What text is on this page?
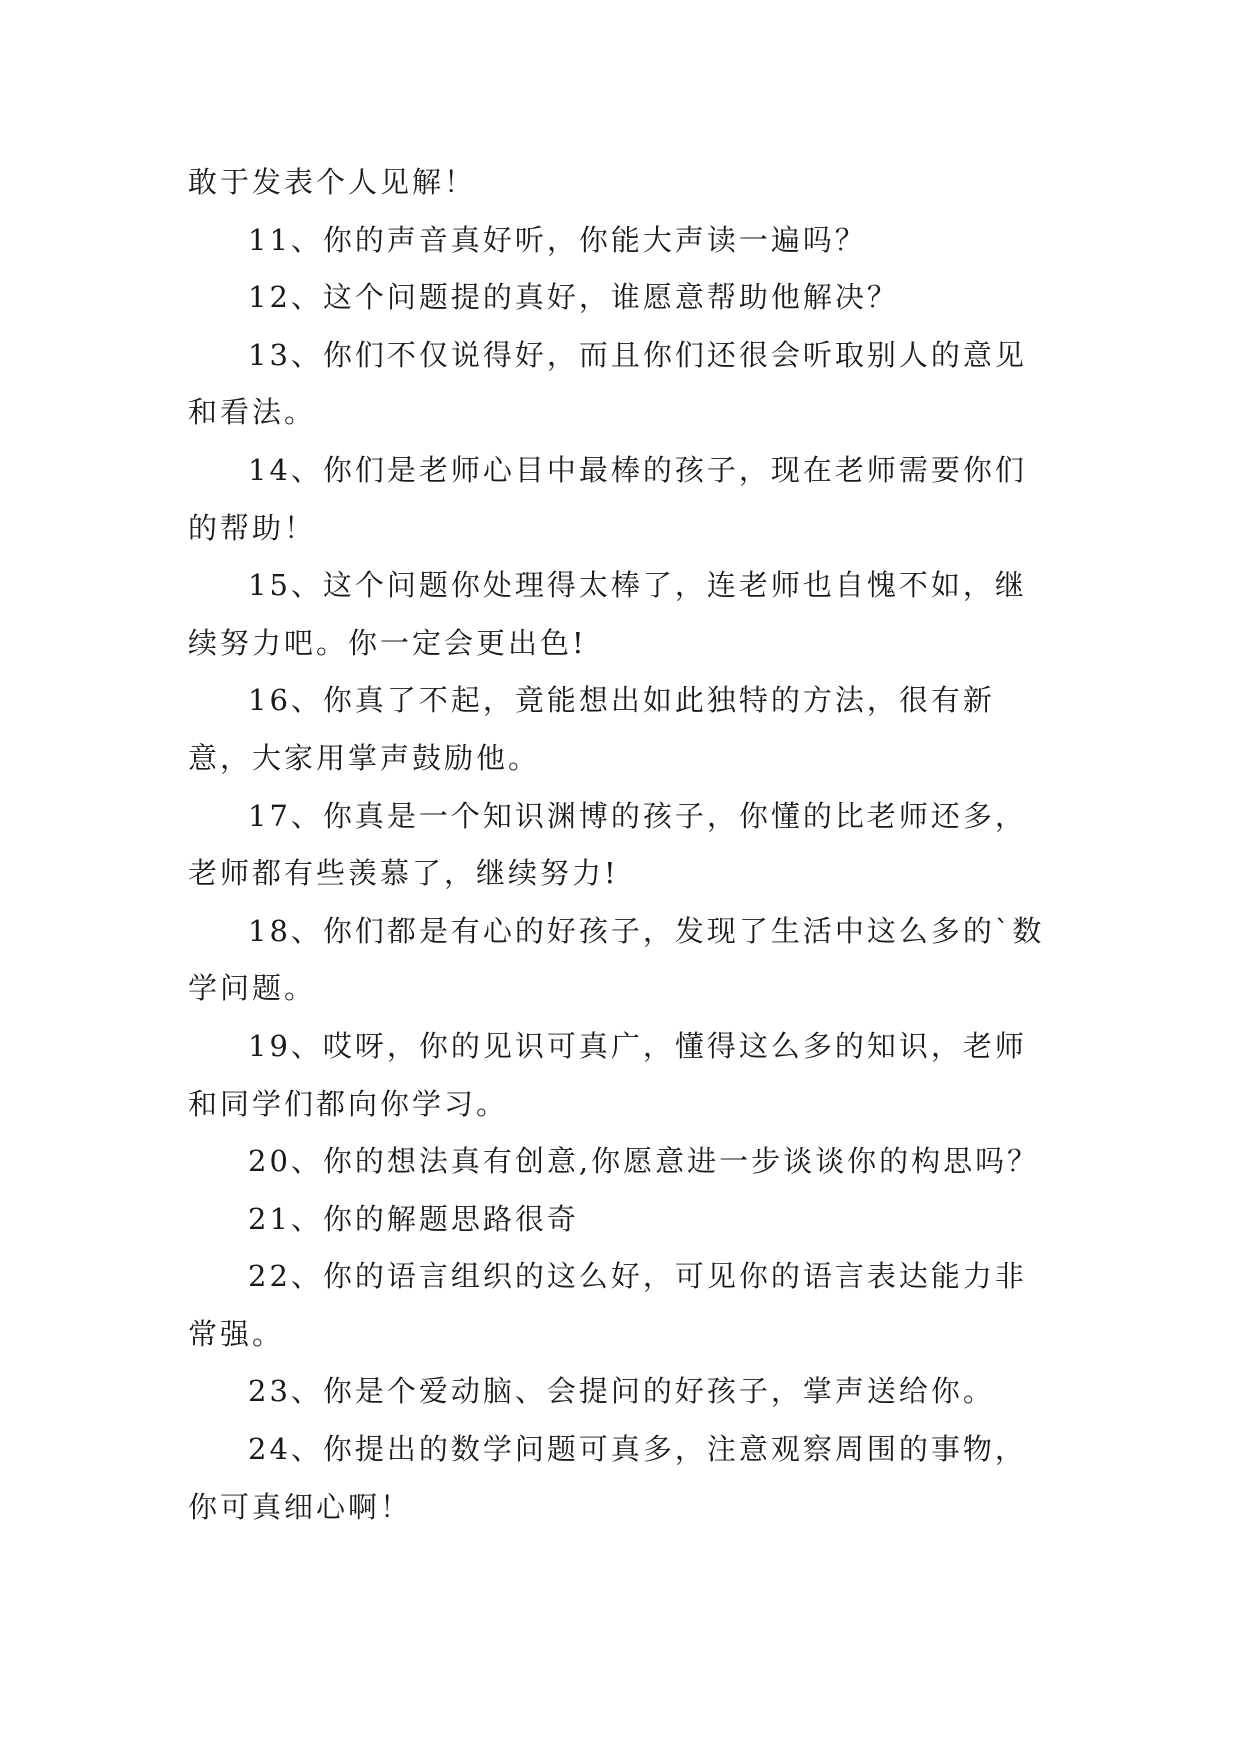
敢于发表个人见解！

11、你的声音真好听，你能大声读一遍吗？

12、这个问题提的真好，谁愿意帮助他解决？

13、你们不仅说得好，而且你们还很会听取别人的意见和看法。

14、你们是老师心目中最棒的孩子，现在老师需要你们的帮助！

15、这个问题你处理得太棒了，连老师也自愧不如，继续努力吧。你一定会更出色!

16、你真了不起，竟能想出如此独特的方法，很有新意，大家用掌声鼓励他。

17、你真是一个知识渊博的孩子，你懂的比老师还多，老师都有些羡慕了，继续努力!

18、你们都是有心的好孩子，发现了生活中这么多的`数学问题。

19、哎呀，你的见识可真广，懂得这么多的知识，老师和同学们都向你学习。

20、你的想法真有创意,你愿意进一步谈谈你的构思吗？

21、你的解题思路很奇

22、你的语言组织的这么好，可见你的语言表达能力非常强。

23、你是个爱动脑、会提问的好孩子，掌声送给你。

24、你提出的数学问题可真多，注意观察周围的事物，你可真细心啊！
